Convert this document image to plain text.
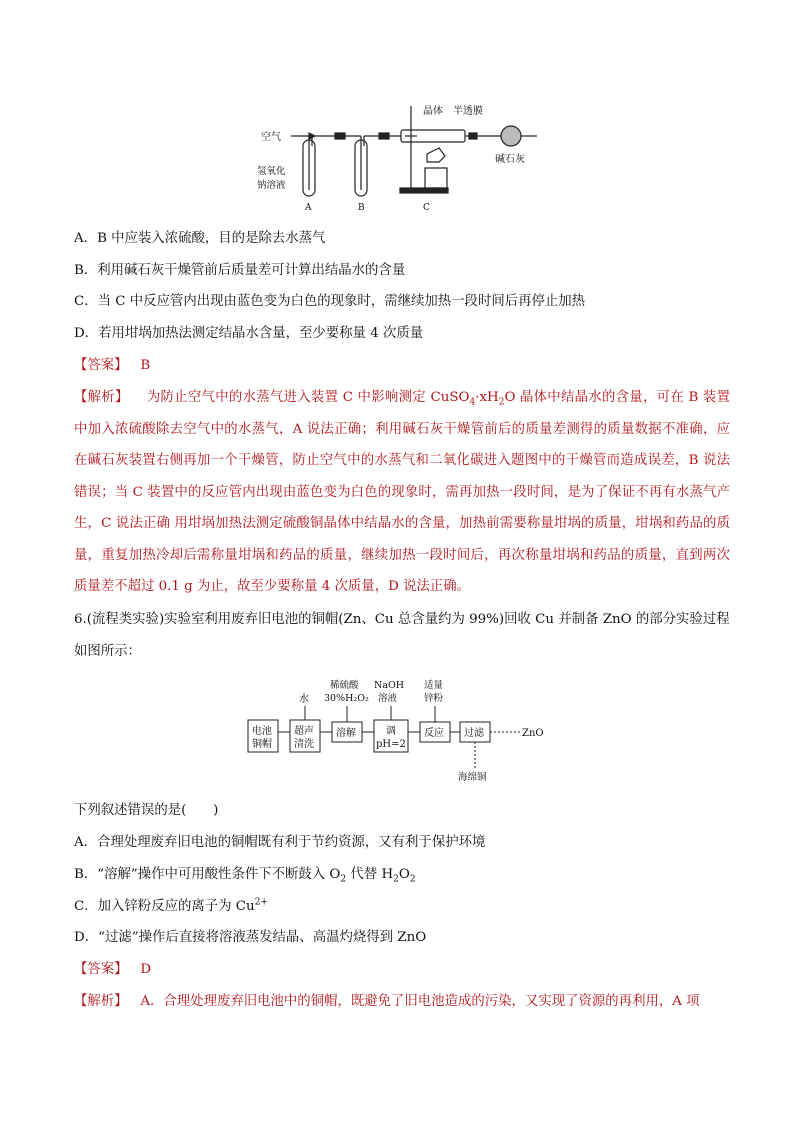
空气
氢氧化钠溶液
晶体 半透膜
碱石灰
A	B	C
A．B 中应装入浓硫酸，目的是除去水蒸气
B．利用碱石灰干燥管前后质量差可计算出结晶水的含量
C．当 C 中反应管内出现由蓝色变为白色的现象时，需继续加热一段时间后再停止加热
D．若用坩埚加热法测定结晶水含量，至少要称量 4 次质量
【答案】 B
【解析】 为防止空气中的水蒸气进入装置 C 中影响测定 $CuSO_4\cdot xH_2O$ 晶体中结晶水的含量，可在 B 装置中加入浓硫酸除去空气中的水蒸气，A 说法正确；利用碱石灰干燥管前后的质量差测得的质量数据不准确，应在碱石灰装置右侧再加一个干燥管，防止空气中的水蒸气和二氧化碳进入题图中的干燥管而造成误差，B 说法错误；当 C 装置中的反应管内出现由蓝色变为白色的现象时，需再加热一段时间，是为了保证不再有水蒸气产生，C 说法正确 用坩埚加热法测定硫酸铜晶体中结晶水的含量，加热前需要称量坩埚的质量，坩埚和药品的质量，重复加热冷却后需称量坩埚和药品的质量，继续加热一段时间后，再次称量坩埚和药品的质量，直到两次质量差不超过 0.1 g 为止，故至少要称量 4 次质量，D 说法正确。
6.(流程类实验)实验室利用废弃旧电池的铜帽(Zn、Cu 总含量约为 99%)回收 Cu 并制备 ZnO 的部分实验过程
如图所示：
电池
铜帽
超声
清洗
溶解	调
pH=2
反应 过滤	ZnO
水
稀硫酸
30%H₂O₂
NaOH
溶液
适量
锌粉
海绵铜
下列叙述错误的是(　　)
A．合理处理废弃旧电池的铜帽既有利于节约资源，又有利于保护环境
B．“溶解”操作中可用酸性条件下不断鼓入 $O_2$ 代替 $H_2O_2$
C．加入锌粉反应的离子为 $Cu^{2+}$
D．“过滤”操作后直接将溶液蒸发结晶、高温灼烧得到 ZnO
【答案】 D
【解析】 A．合理处理废弃旧电池中的铜帽，既避免了旧电池造成的污染，又实现了资源的再利用，A 项
